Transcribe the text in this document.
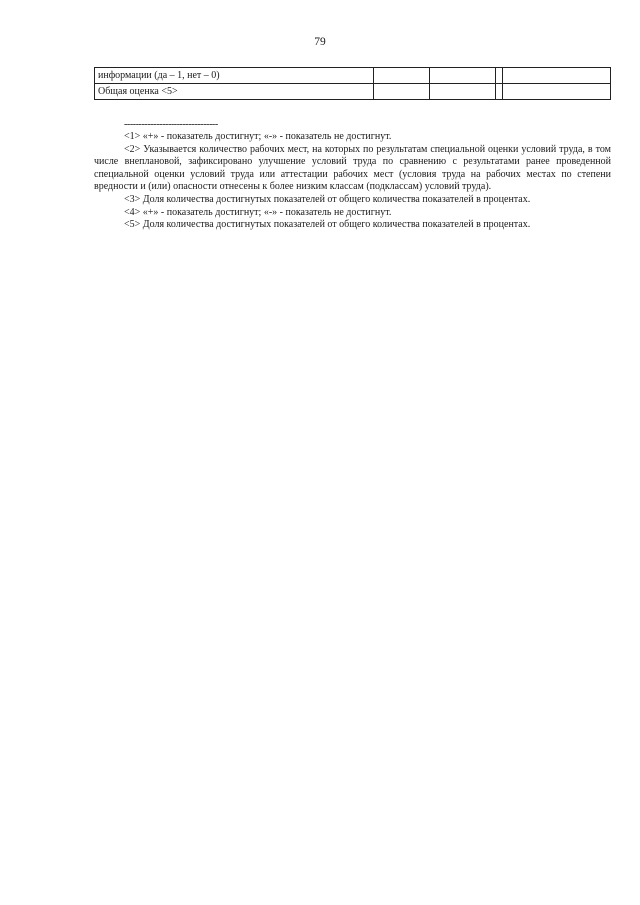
79
информации (да – 1, нет – 0)				
Общая оценка <5>				
--------------------------------

<1> «+» - показатель достигнут; «-» - показатель не достигнут.

<2> Указывается количество рабочих мест, на которых по результатам специальной оценки условий труда, в том числе внеплановой, зафиксировано улучшение условий труда по сравнению с результатами ранее проведенной специальной оценки условий труда или аттестации рабочих мест (условия труда на рабочих местах по степени вредности и (или) опасности отнесены к более низким классам (подклассам) условий труда).

<3> Доля количества достигнутых показателей от общего количества показателей в процентах.

<4> «+» - показатель достигнут; «-» - показатель не достигнут.

<5> Доля количества достигнутых показателей от общего количества показателей в процентах.
